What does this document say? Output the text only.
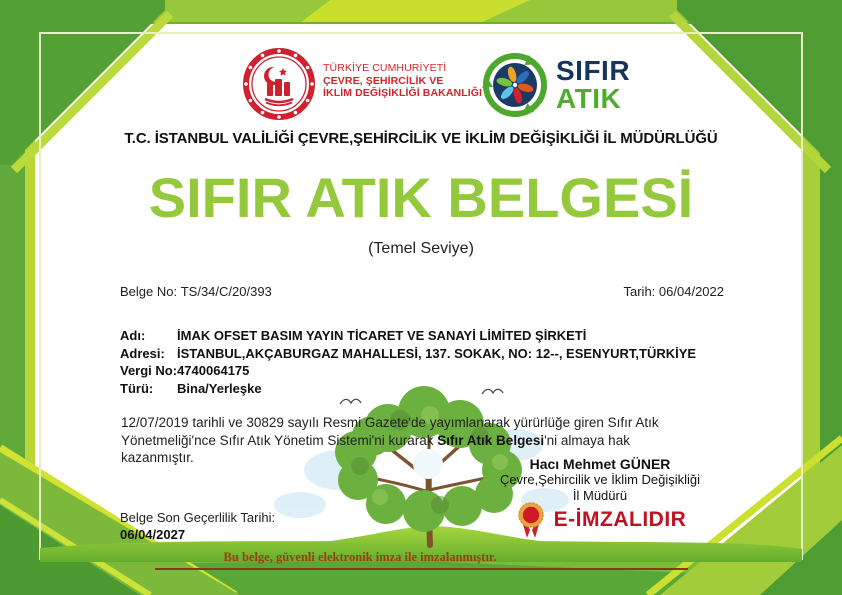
TÜRKİYE CUMHURİYETİ
ÇEVRE, ŞEHİRCİLİK VE
İKLİM DEĞİŞİKLİĞİ BAKANLIĞI
SIFIR
ATIK
T.C. İSTANBUL VALİLİĞİ ÇEVRE,ŞEHİRCİLİK VE İKLİM DEĞİŞİKLİĞİ İL MÜDÜRLÜĞÜ
SIFIR ATIK BELGESİ
(Temel Seviye)
Belge No: TS/34/C/20/393	Tarih: 06/04/2022
Adı:	İMAK OFSET BASIM YAYIN TİCARET VE SANAYİ LİMİTED ŞİRKETİ
Adresi: İSTANBUL,AKÇABURGAZ MAHALLESİ, 137. SOKAK, NO: 12--, ESENYURT,TÜRKİYE
Vergi No: 4740064175
Türü:	Bina/Yerleşke
12/07/2019 tarihli ve 30829 sayılı Resmi Gazete'de yayımlanarak yürürlüğe giren Sıfır Atık Yönetmeliği'nce Sıfır Atık Yönetim Sistemi'ni kurarak Sıfır Atık Belgesi'ni almaya hak kazanmıştır.	Hacı Mehmet GÜNER
Çevre,Şehircilik ve İklim Değişikliği
İl Müdürü
E-İMZALIDIR
Belge Son Geçerlilik Tarihi:
06/04/2027
Bu belge, güvenli elektronik imza ile imzalanmıştır.
